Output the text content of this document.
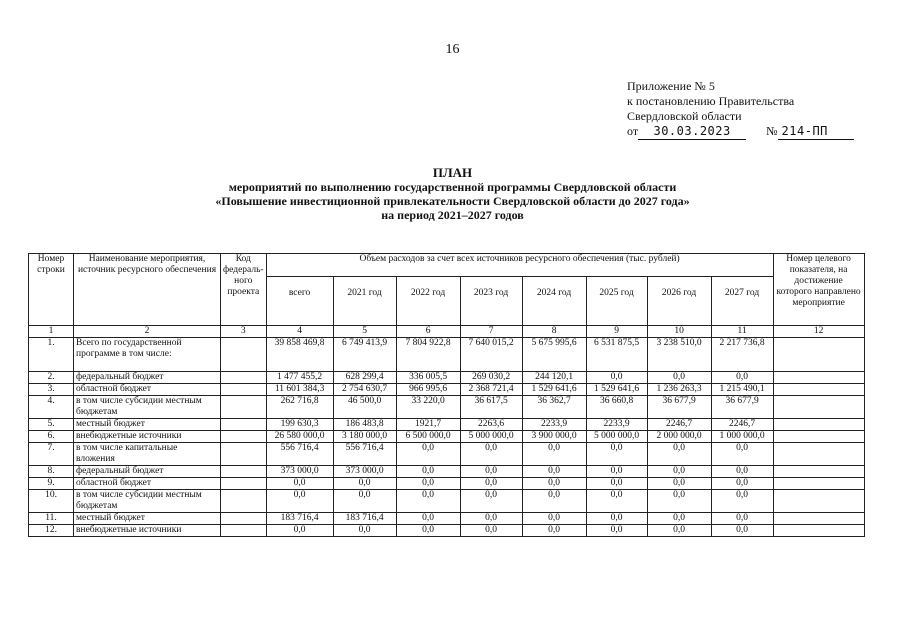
16
Приложение № 5
к постановлению Правительства
Свердловской области
от	30.03.2023	№ 214-ПП
ПЛАН
мероприятий по выполнению государственной программы Свердловской области
«Повышение инвестиционной привлекательности Свердловской области до 2027 года»
на период 2021–2027 годов
Номер строки	Наименование мероприятия, источник ресурсного обеспечения	Код федераль-ного проекта	Объем расходов за счет всех источников ресурсного обеспечения (тыс. рублей)								Номер целевого показателя, на достижение которого направлено мероприятие
			всего	2021 год	2022 год	2023 год	2024 год	2025 год	2026 год	2027 год	
1	2	3	4	5	6	7	8	9	10	11	12
1.	Всего по государственной программе в том числе:		39 858 469,8	6 749 413,9	7 804 922,8	7 640 015,2	5 675 995,6	6 531 875,5	3 238 510,0	2 217 736,8	
2.	федеральный бюджет		1 477 455,2	628 299,4	336 005,5	269 030,2	244 120,1	0,0	0,0	0,0	
3.	областной бюджет		11 601 384,3	2 754 630,7	966 995,6	2 368 721,4	1 529 641,6	1 529 641,6	1 236 263,3	1 215 490,1	
4.	в том числе субсидии местным бюджетам		262 716,8	46 500,0	33 220,0	36 617,5	36 362,7	36 660,8	36 677,9	36 677,9	
5.	местный бюджет		199 630,3	186 483,8	1921,7	2263,6	2233,9	2233,9	2246,7	2246,7	
6.	внебюджетные источники		26 580 000,0	3 180 000,0	6 500 000,0	5 000 000,0	3 900 000,0	5 000 000,0	2 000 000,0	1 000 000,0	
7.	в том числе капитальные вложения		556 716,4	556 716,4	0,0	0,0	0,0	0,0	0,0	0,0	
8.	федеральный бюджет		373 000,0	373 000,0	0,0	0,0	0,0	0,0	0,0	0,0	
9.	областной бюджет		0,0	0,0	0,0	0,0	0,0	0,0	0,0	0,0	
10.	в том числе субсидии местным бюджетам		0,0	0,0	0,0	0,0	0,0	0,0	0,0	0,0	
11.	местный бюджет		183 716,4	183 716,4	0,0	0,0	0,0	0,0	0,0	0,0	
12.	внебюджетные источники		0,0	0,0	0,0	0,0	0,0	0,0	0,0	0,0	
